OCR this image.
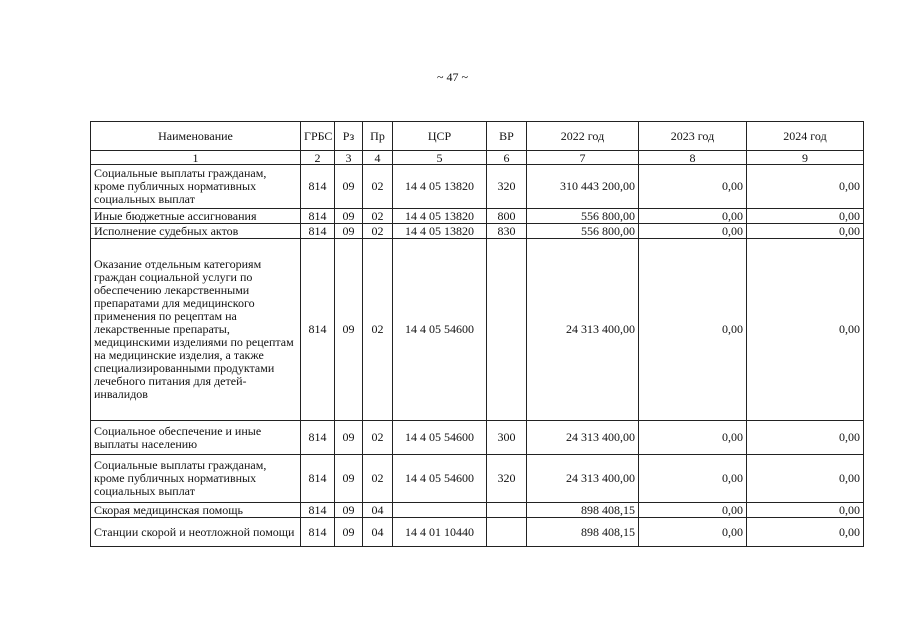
~ 47 ~
Наименование	ГРБС	Рз	Пр	ЦСР	ВР	2022 год	2023 год	2024 год
1	2	3	4	5	6	7	8	9
Социальные выплаты гражданам, кроме публичных нормативных социальных выплат	814	09	02	14 4 05 13820	320	310 443 200,00	0,00	0,00
Иные бюджетные ассигнования	814	09	02	14 4 05 13820	800	556 800,00	0,00	0,00
Исполнение судебных актов	814	09	02	14 4 05 13820	830	556 800,00	0,00	0,00
Оказание отдельным категориям граждан социальной услуги по обеспечению лекарственными препаратами для медицинского применения по рецептам на лекарственные препараты, медицинскими изделиями по рецептам на медицинские изделия, а также специализированными продуктами лечебного питания для детей-инвалидов	814	09	02	14 4 05 54600		24 313 400,00	0,00	0,00
Социальное обеспечение и иные выплаты населению	814	09	02	14 4 05 54600	300	24 313 400,00	0,00	0,00
Социальные выплаты гражданам, кроме публичных нормативных социальных выплат	814	09	02	14 4 05 54600	320	24 313 400,00	0,00	0,00
Скорая медицинская помощь	814	09	04			898 408,15	0,00	0,00
Станции скорой и неотложной помощи	814	09	04	14 4 01 10440		898 408,15	0,00	0,00
